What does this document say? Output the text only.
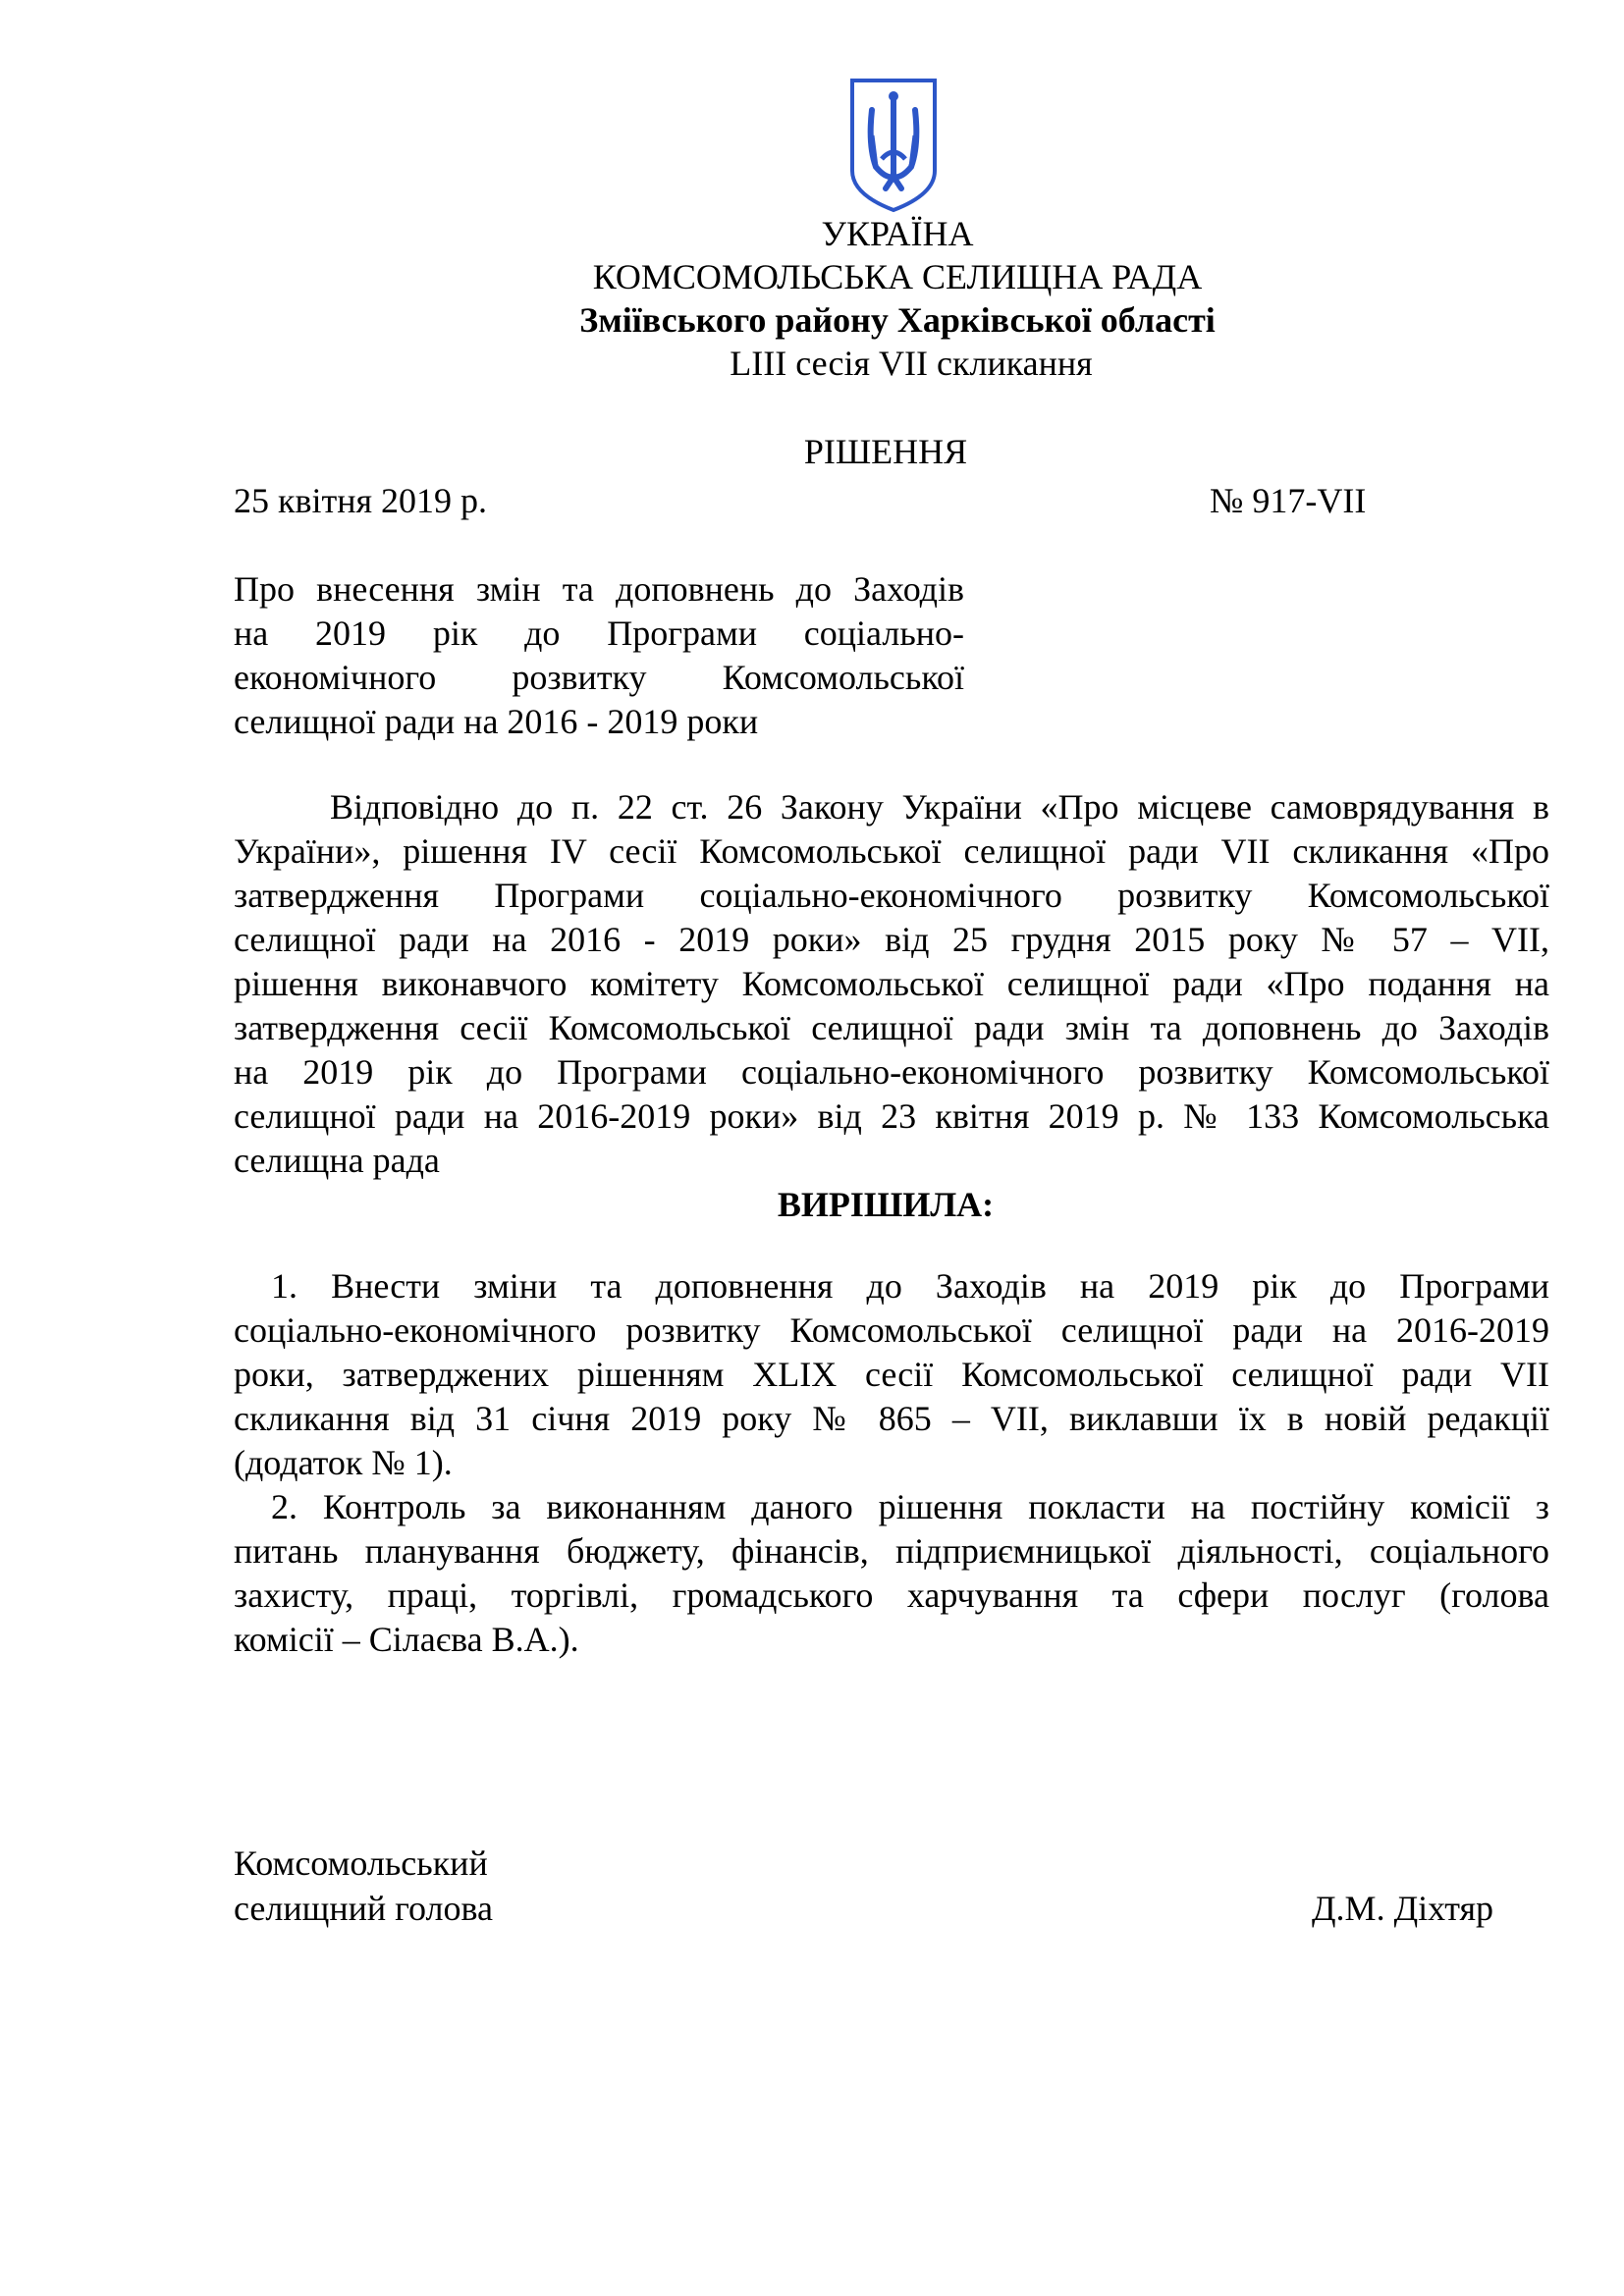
УКРАЇНА
КОМСОМОЛЬСЬКА СЕЛИЩНА РАДА
Зміївського району Харківської області
LIII сесія VII скликання
РІШЕННЯ
25 квітня 2019 р.	№ 917-VII
Про внесення змін та доповнень до Заходів
на 2019 рік до Програми соціально-
економічного розвитку Комсомольської
селищної ради на 2016 - 2019 роки
Відповідно до п. 22 ст. 26 Закону України «Про місцеве самоврядування в
України», рішення IV сесії Комсомольської селищної ради VII скликання «Про
затвердження Програми соціально-економічного розвитку Комсомольської
селищної ради на 2016 - 2019 роки» від 25 грудня 2015 року № 57 – VII,
рішення виконавчого комітету Комсомольської селищної ради «Про подання на
затвердження сесії Комсомольської селищної ради змін та доповнень до Заходів
на 2019 рік до Програми соціально-економічного розвитку Комсомольської
селищної ради на 2016-2019 роки» від 23 квітня 2019 р. № 133 Комсомольська
селищна рада
ВИРІШИЛА:
1. Внести зміни та доповнення до Заходів на 2019 рік до Програми
соціально-економічного розвитку Комсомольської селищної ради на 2016-2019
роки, затверджених рішенням XLIX сесії Комсомольської селищної ради VII
скликання від 31 січня 2019 року № 865 – VII, виклавши їх в новій редакції
(додаток № 1).
2. Контроль за виконанням даного рішення покласти на постійну комісії з
питань планування бюджету, фінансів, підприємницької діяльності, соціального
захисту, праці, торгівлі, громадського харчування та сфери послуг (голова
комісії – Сілаєва В.А.).
Комсомольський
селищний голова	Д.М. Діхтяр
